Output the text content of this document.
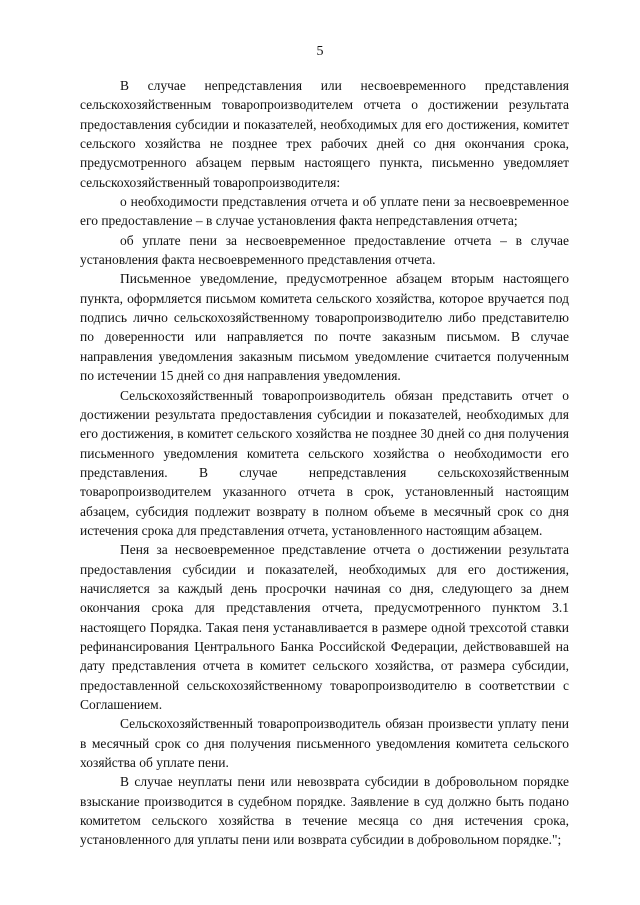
5

В случае непредставления или несвоевременного представления сельскохозяйственным товаропроизводителем отчета о достижении результата предоставления субсидии и показателей, необходимых для его достижения, комитет сельского хозяйства не позднее трех рабочих дней со дня окончания срока, предусмотренного абзацем первым настоящего пункта, письменно уведомляет сельскохозяйственный товаропроизводителя:

о необходимости представления отчета и об уплате пени за несвоевременное его предоставление – в случае установления факта непредставления отчета;

об уплате пени за несвоевременное предоставление отчета – в случае установления факта несвоевременного представления отчета.

Письменное уведомление, предусмотренное абзацем вторым настоящего пункта, оформляется письмом комитета сельского хозяйства, которое вручается под подпись лично сельскохозяйственному товаропроизводителю либо представителю по доверенности или направляется по почте заказным письмом. В случае направления уведомления заказным письмом уведомление считается полученным по истечении 15 дней со дня направления уведомления.

Сельскохозяйственный товаропроизводитель обязан представить отчет о достижении результата предоставления субсидии и показателей, необходимых для его достижения, в комитет сельского хозяйства не позднее 30 дней со дня получения письменного уведомления комитета сельского хозяйства о необходимости его представления. В случае непредставления сельскохозяйственным товаропроизводителем указанного отчета в срок, установленный настоящим абзацем, субсидия подлежит возврату в полном объеме в месячный срок со дня истечения срока для представления отчета, установленного настоящим абзацем.

Пеня за несвоевременное представление отчета о достижении результата предоставления субсидии и показателей, необходимых для его достижения, начисляется за каждый день просрочки начиная со дня, следующего за днем окончания срока для представления отчета, предусмотренного пунктом 3.1 настоящего Порядка. Такая пеня устанавливается в размере одной трехсотой ставки рефинансирования Центрального Банка Российской Федерации, действовавшей на дату представления отчета в комитет сельского хозяйства, от размера субсидии, предоставленной сельскохозяйственному товаропроизводителю в соответствии с Соглашением.

Сельскохозяйственный товаропроизводитель обязан произвести уплату пени в месячный срок со дня получения письменного уведомления комитета сельского хозяйства об уплате пени.

В случае неуплаты пени или невозврата субсидии в добровольном порядке взыскание производится в судебном порядке. Заявление в суд должно быть подано комитетом сельского хозяйства в течение месяца со дня истечения срока, установленного для уплаты пени или возврата субсидии в добровольном порядке.";
